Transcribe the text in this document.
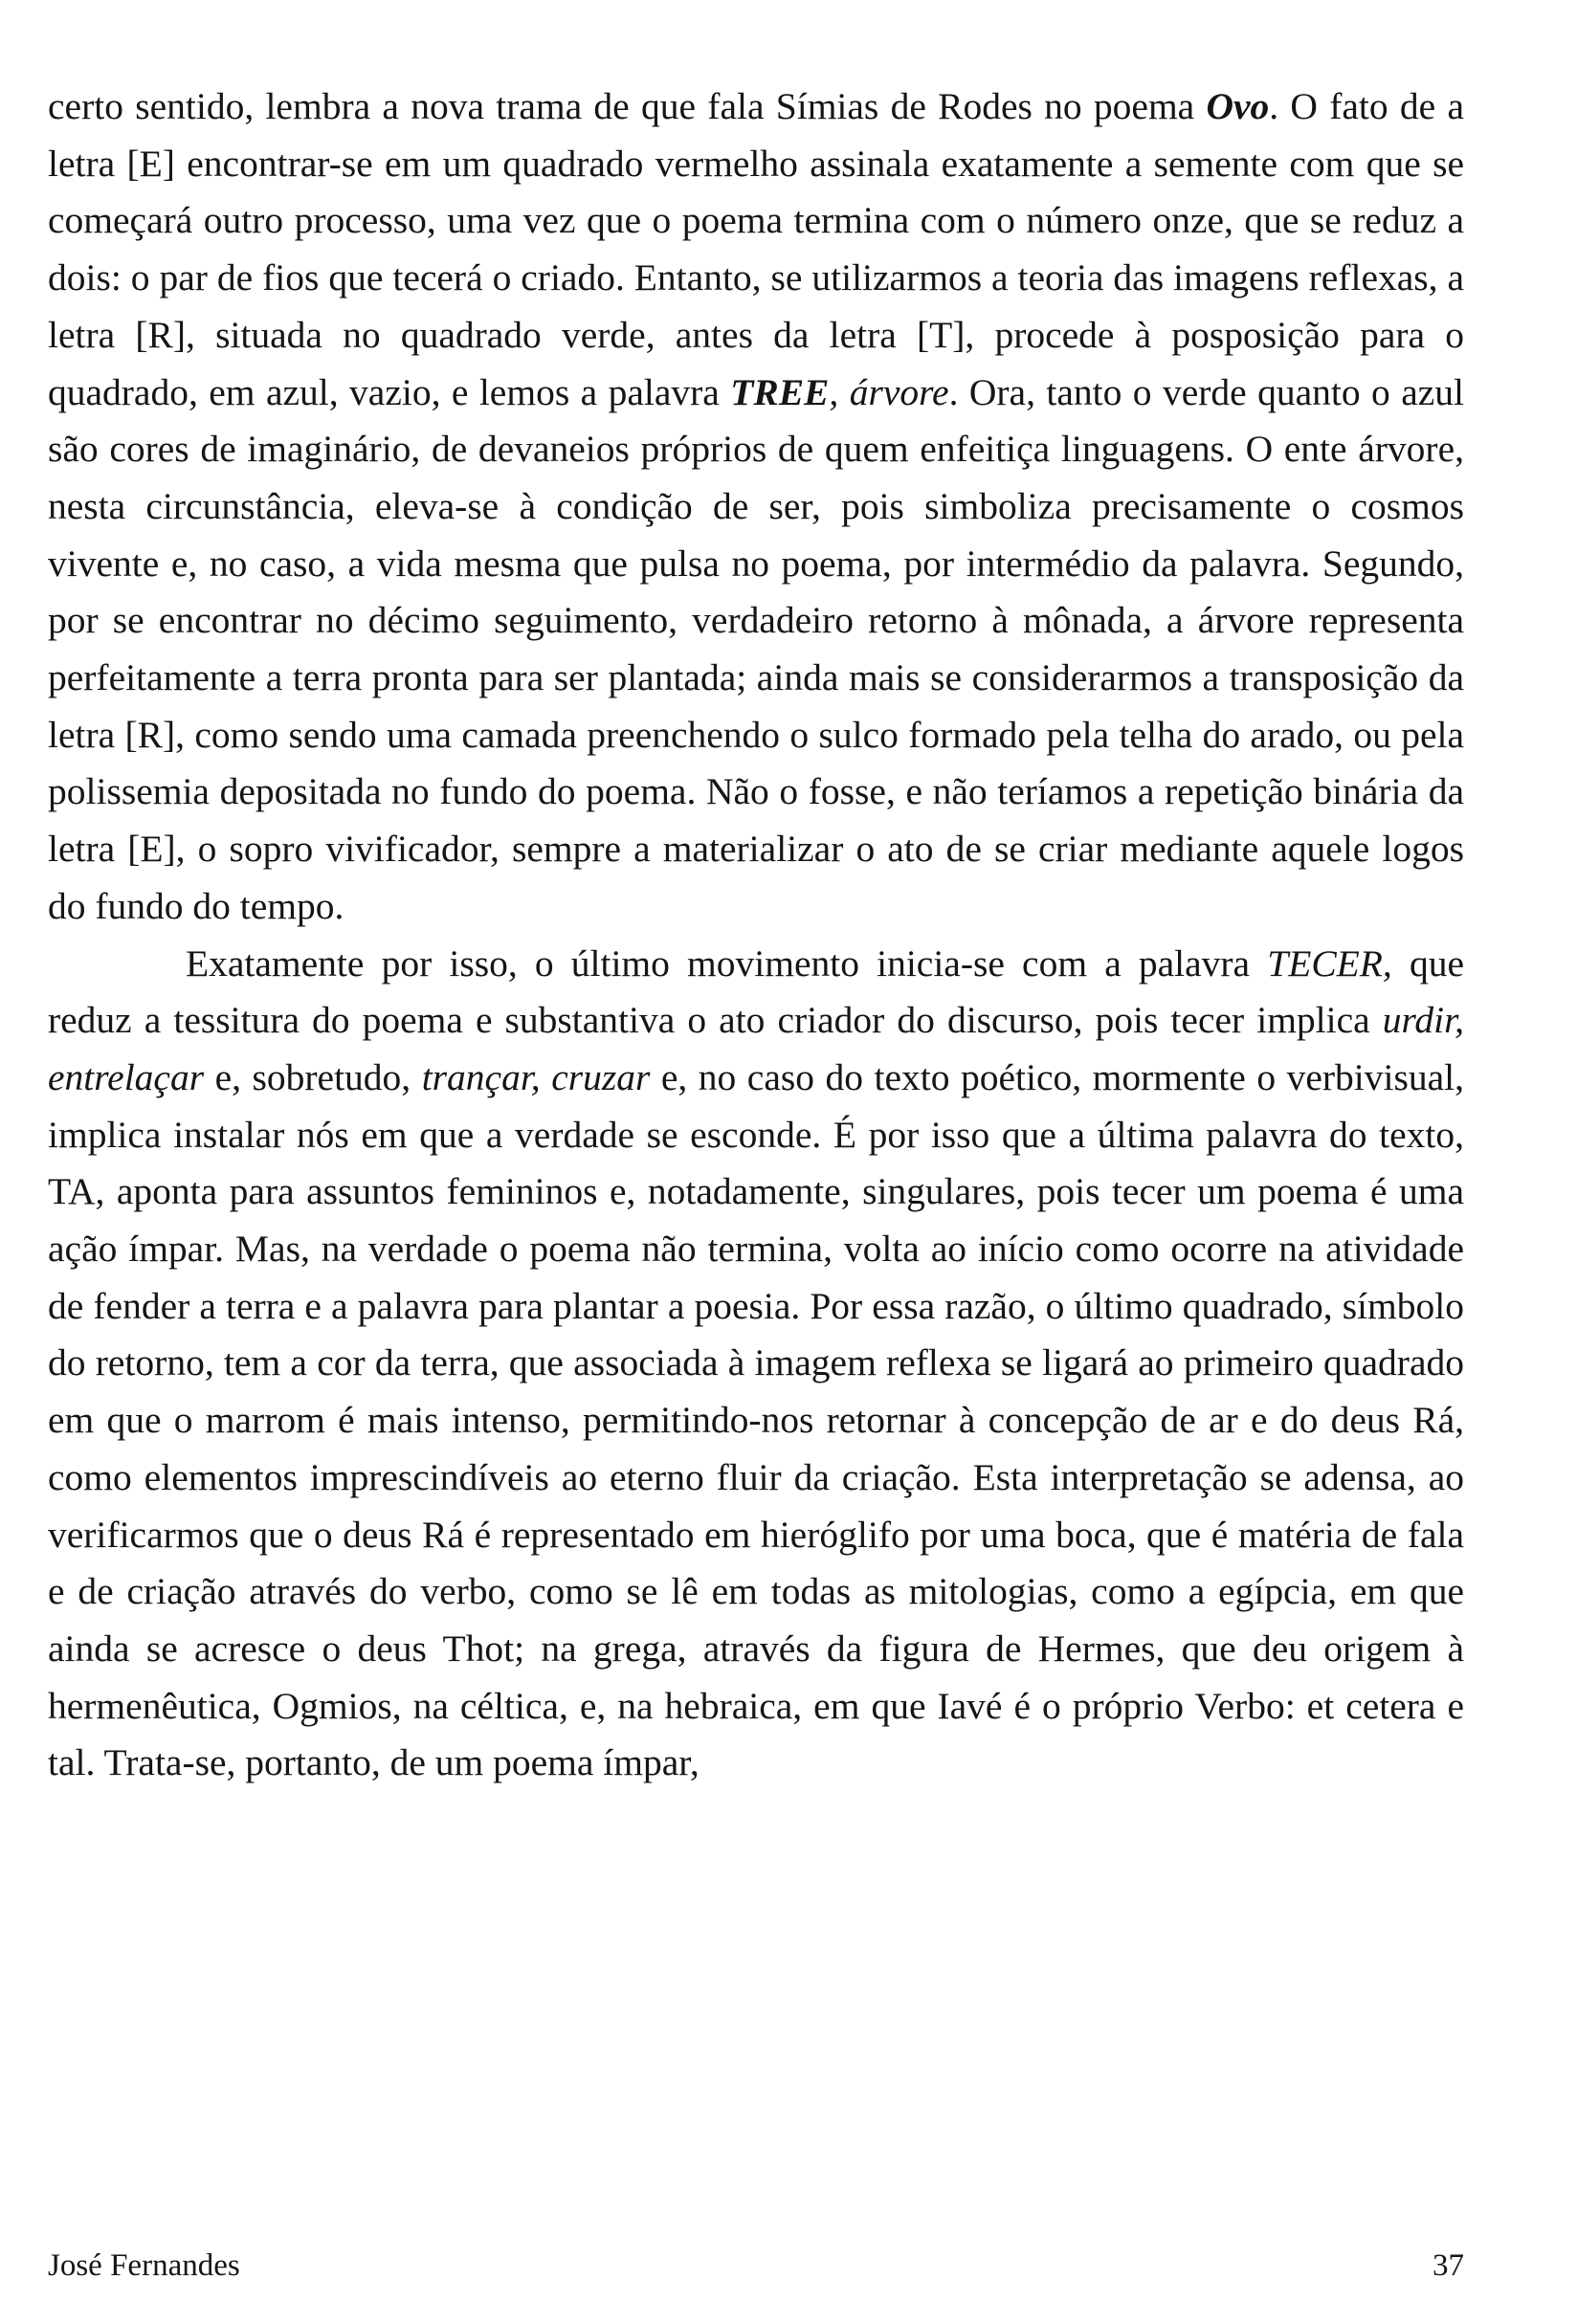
certo sentido, lembra a nova trama de que fala Símias de Rodes no poema Ovo. O fato de a letra [E] encontrar-se em um quadrado vermelho assinala exatamente a semente com que se começará outro processo, uma vez que o poema termina com o número onze, que se reduz a dois: o par de fios que tecerá o criado. Entanto, se utilizarmos a teoria das imagens reflexas, a letra [R], situada no quadrado verde, antes da letra [T], procede à posposição para o quadrado, em azul, vazio, e lemos a palavra TREE, árvore. Ora, tanto o verde quanto o azul são cores de imaginário, de devaneios próprios de quem enfeitiça linguagens. O ente árvore, nesta circunstância, eleva-se à condição de ser, pois simboliza precisamente o cosmos vivente e, no caso, a vida mesma que pulsa no poema, por intermédio da palavra. Segundo, por se encontrar no décimo seguimento, verdadeiro retorno à mônada, a árvore representa perfeitamente a terra pronta para ser plantada; ainda mais se considerarmos a transposição da letra [R], como sendo uma camada preenchendo o sulco formado pela telha do arado, ou pela polissemia depositada no fundo do poema. Não o fosse, e não teríamos a repetição binária da letra [E], o sopro vivificador, sempre a materializar o ato de se criar mediante aquele logos do fundo do tempo.

Exatamente por isso, o último movimento inicia-se com a palavra TECER, que reduz a tessitura do poema e substantiva o ato criador do discurso, pois tecer implica urdir, entrelaçar e, sobretudo, trançar, cruzar e, no caso do texto poético, mormente o verbivisual, implica instalar nós em que a verdade se esconde. É por isso que a última palavra do texto, TA, aponta para assuntos femininos e, notadamente, singulares, pois tecer um poema é uma ação ímpar. Mas, na verdade o poema não termina, volta ao início como ocorre na atividade de fender a terra e a palavra para plantar a poesia. Por essa razão, o último quadrado, símbolo do retorno, tem a cor da terra, que associada à imagem reflexa se ligará ao primeiro quadrado em que o marrom é mais intenso, permitindo-nos retornar à concepção de ar e do deus Rá, como elementos imprescindíveis ao eterno fluir da criação. Esta interpretação se adensa, ao verificarmos que o deus Rá é representado em hieróglifo por uma boca, que é matéria de fala e de criação através do verbo, como se lê em todas as mitologias, como a egípcia, em que ainda se acresce o deus Thot; na grega, através da figura de Hermes, que deu origem à hermenêutica, Ogmios, na céltica, e, na hebraica, em que Iavé é o próprio Verbo: et cetera e tal. Trata-se, portanto, de um poema ímpar,

José Fernandes	37
